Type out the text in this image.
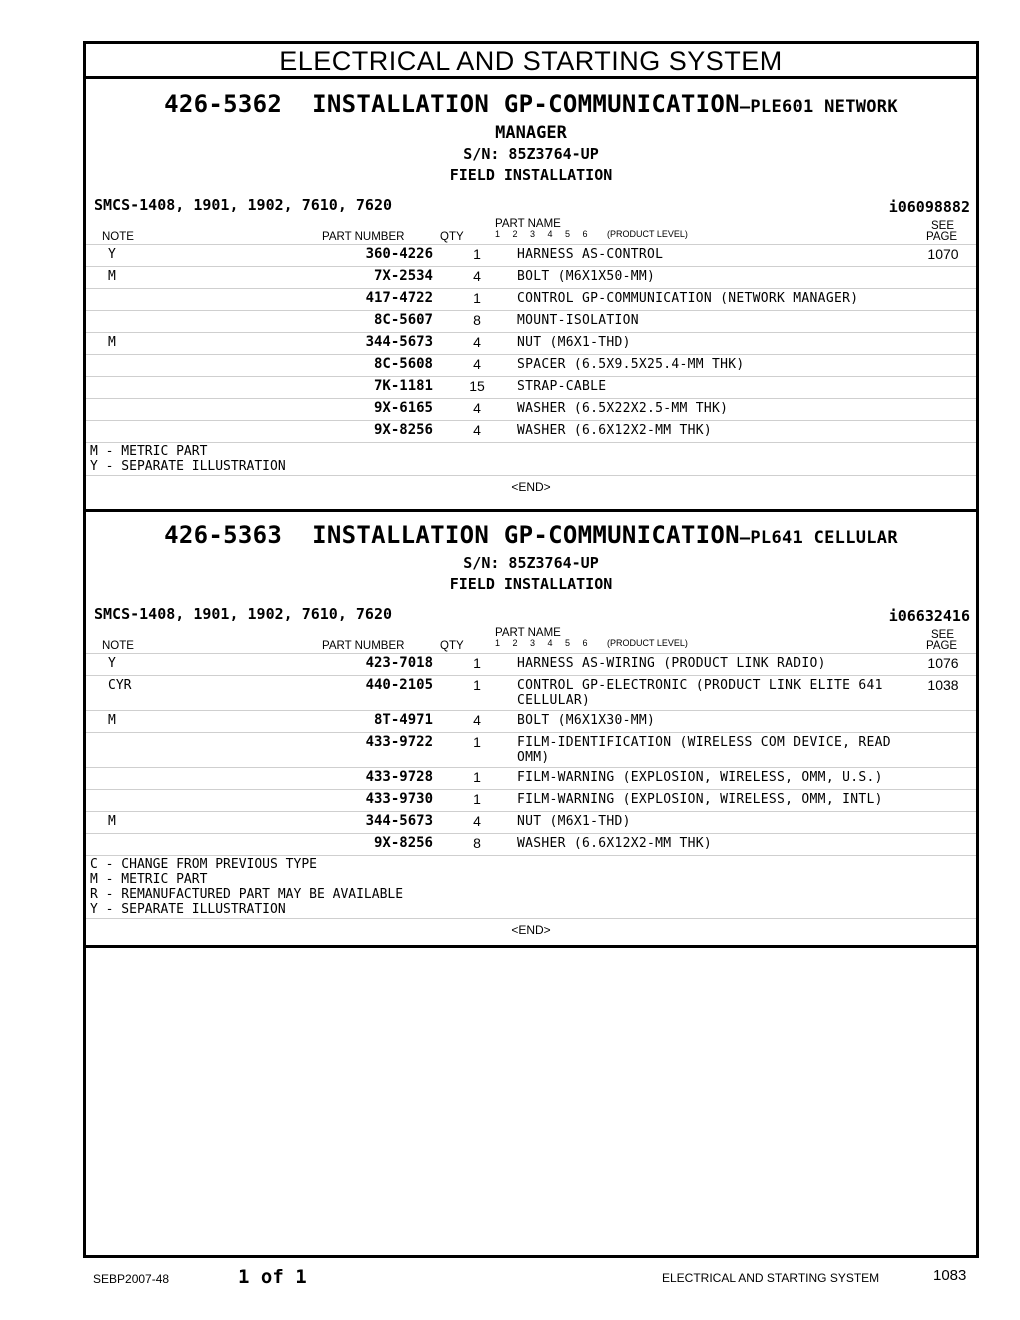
ELECTRICAL AND STARTING SYSTEM
426-5362 INSTALLATION GP-COMMUNICATION—PLE601 NETWORK
MANAGER
S/N: 85Z3764-UP
FIELD INSTALLATION
SMCS-1408, 1901, 1902, 7610, 7620	i06098882
NOTE	PART NUMBER	QTY
PART NAME
1 2 3 4 5 6 (PRODUCT LEVEL)
SEE
PAGE
Y	360-4226	1	HARNESS AS-CONTROL	1070
M	7X-2534	4	BOLT (M6X1X50-MM)	

	417-4722	1	CONTROL GP-COMMUNICATION (NETWORK MANAGER)	

	8C-5607	8	MOUNT-ISOLATION	

M	344-5673	4	NUT (M6X1-THD)	

	8C-5608	4	SPACER (6.5X9.5X25.4-MM THK)	

	7K-1181	15	STRAP-CABLE	

	9X-6165	4	WASHER (6.5X22X2.5-MM THK)	

	9X-8256	4	WASHER (6.6X12X2-MM THK)	

M - METRIC PART
Y - SEPARATE ILLUSTRATION
<END>
426-5363 INSTALLATION GP-COMMUNICATION—PL641 CELLULAR
S/N: 85Z3764-UP
FIELD INSTALLATION
SMCS-1408, 1901, 1902, 7610, 7620	i06632416
NOTE	PART NUMBER	QTY
PART NAME
1 2 3 4 5 6 (PRODUCT LEVEL)
SEE
PAGE
Y	423-7018	1	HARNESS AS-WIRING (PRODUCT LINK RADIO)	1076
CYR	440-2105	1	CONTROL GP-ELECTRONIC (PRODUCT LINK ELITE 641
CELLULAR)	1038
M	8T-4971	4	BOLT (M6X1X30-MM)	

	433-9722	1	FILM-IDENTIFICATION (WIRELESS COM DEVICE, READ
OMM)	

	433-9728	1	FILM-WARNING (EXPLOSION, WIRELESS, OMM, U.S.)	

	433-9730	1	FILM-WARNING (EXPLOSION, WIRELESS, OMM, INTL)	

M	344-5673	4	NUT (M6X1-THD)	

	9X-8256	8	WASHER (6.6X12X2-MM THK)	

C - CHANGE FROM PREVIOUS TYPE
M - METRIC PART
R - REMANUFACTURED PART MAY BE AVAILABLE
Y - SEPARATE ILLUSTRATION
<END>
SEBP2007-48	1 of 1	ELECTRICAL AND STARTING SYSTEM	1083
